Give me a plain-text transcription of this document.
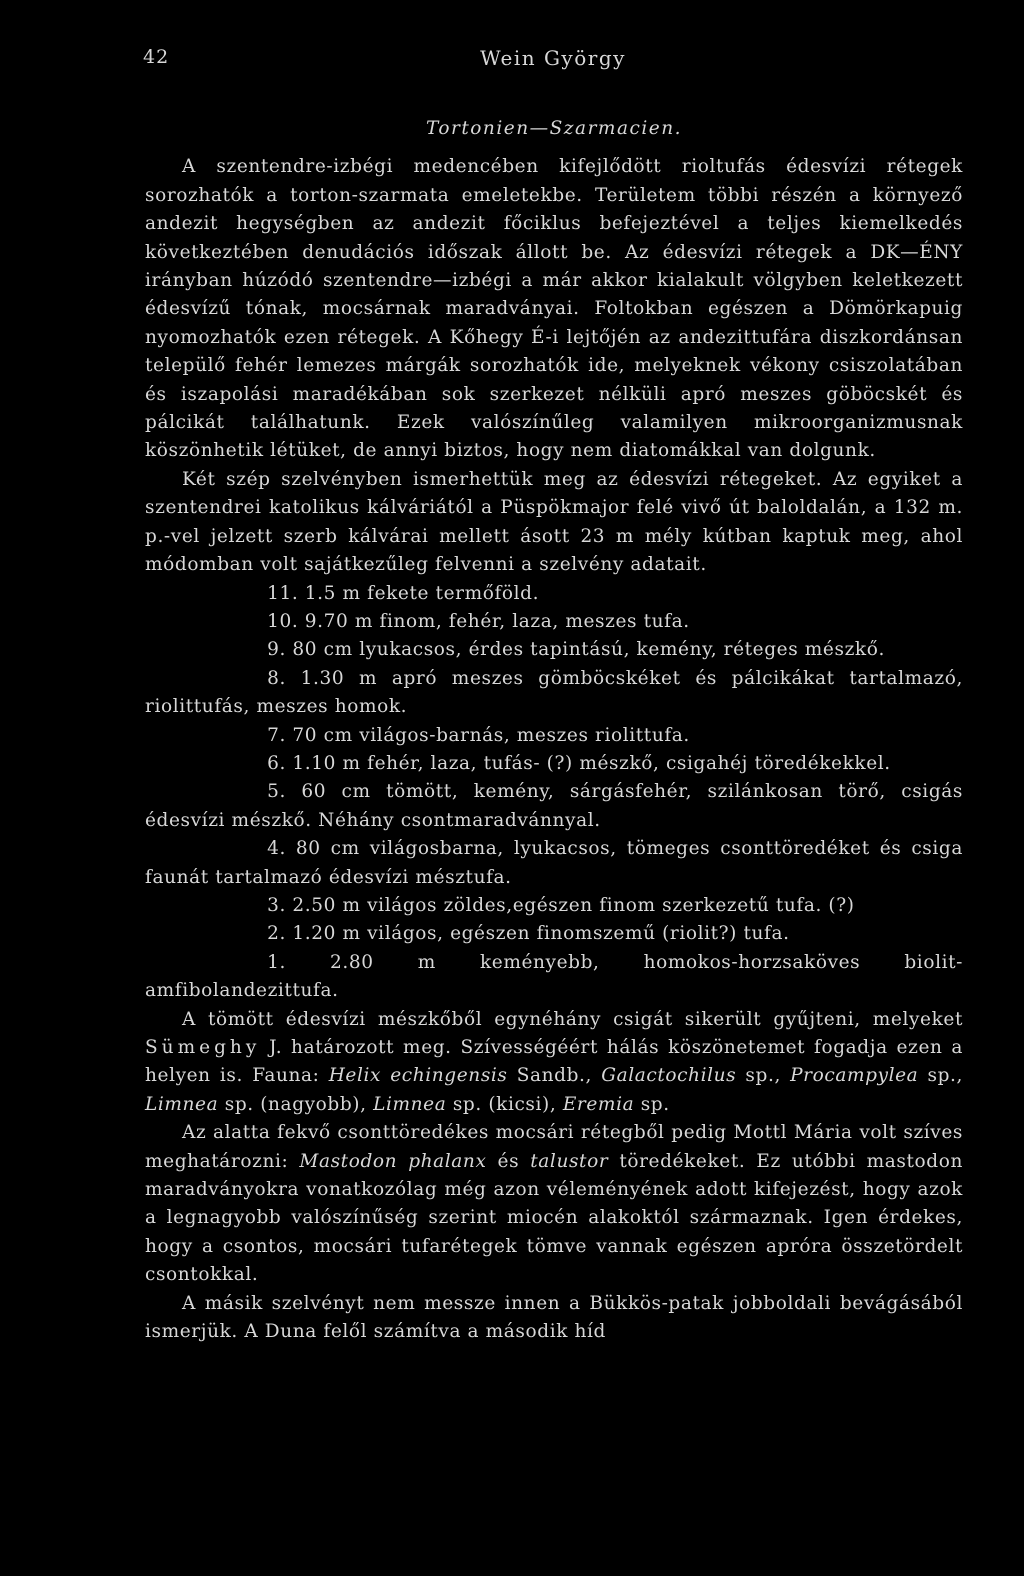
42	Wein György
Tortonien—Szarmacien.

A szentendre-izbégi medencében kifejlődött rioltufás édesvízi rétegek sorozhatók a torton-szarmata emeletekbe. Területem többi részén a környező andezit hegységben az andezit főciklus befejeztével a teljes kiemelkedés következtében denudációs időszak állott be. Az édesvízi rétegek a DK—ÉNY irányban húzódó szentendre—izbégi a már akkor kialakult völgyben keletkezett édesvízű tónak, mocsárnak maradványai. Foltokban egészen a Dömörkapuig nyomozhatók ezen rétegek. A Kőhegy É-i lejtőjén az andezittufára diszkordánsan települő fehér lemezes márgák sorozhatók ide, melyeknek vékony csiszolatában és iszapolási maradékában sok szerkezet nélküli apró meszes göböcskét és pálcikát találhatunk. Ezek valószínűleg valamilyen mikroorganizmusnak köszönhetik létüket, de annyi biztos, hogy nem diatomákkal van dolgunk.

Két szép szelvényben ismerhettük meg az édesvízi rétegeket. Az egyiket a szentendrei katolikus kálváriától a Püspökmajor felé vivő út baloldalán, a 132 m. p.-vel jelzett szerb kálvárai mellett ásott 23 m mély kútban kaptuk meg, ahol módomban volt sajátkezűleg felvenni a szelvény adatait.

11. 1.5 m fekete termőföld.
10. 9.70 m finom, fehér, laza, meszes tufa.
9. 80 cm lyukacsos, érdes tapintású, kemény, réteges mészkő.
8. 1.30 m apró meszes gömböcskéket és pálcikákat tartalmazó, riolittufás, meszes homok.
7. 70 cm világos-barnás, meszes riolittufa.
6. 1.10 m fehér, laza, tufás- (?) mészkő, csigahéj töredékekkel.
5. 60 cm tömött, kemény, sárgásfehér, szilánkosan törő, csigás édesvízi mészkő. Néhány csontmaradvánnyal.
4. 80 cm világosbarna, lyukacsos, tömeges csonttöredéket és csiga faunát tartalmazó édesvízi mésztufa.
3. 2.50 m világos zöldes,egészen finom szerkezetű tufa. (?)
2. 1.20 m világos, egészen finomszemű (riolit?) tufa.
1. 2.80 m keményebb, homokos-horzsaköves biolit-amfibolandezittufa.

A tömött édesvízi mészkőből egynéhány csigát sikerült gyűjteni, melyeket Sümeghy J. határozott meg. Szívességéért hálás köszönetemet fogadja ezen a helyen is. Fauna: Helix echingensis Sandb., Galactochilus sp., Procampylea sp., Limnea sp. (nagyobb), Limnea sp. (kicsi), Eremia sp.

Az alatta fekvő csonttöredékes mocsári rétegből pedig Mottl Mária volt szíves meghatározni: Mastodon phalanx és talustor töredékeket. Ez utóbbi mastodon maradványokra vonatkozólag még azon véleményének adott kifejezést, hogy azok a legnagyobb valószínűség szerint miocén alakoktól származnak. Igen érdekes, hogy a csontos, mocsári tufarétegek tömve vannak egészen aprórа összetördelt csontokkal.

A másik szelvényt nem messze innen a Bükkös-patak jobboldali bevágásából ismerjük. A Duna felől számítva a második híd
